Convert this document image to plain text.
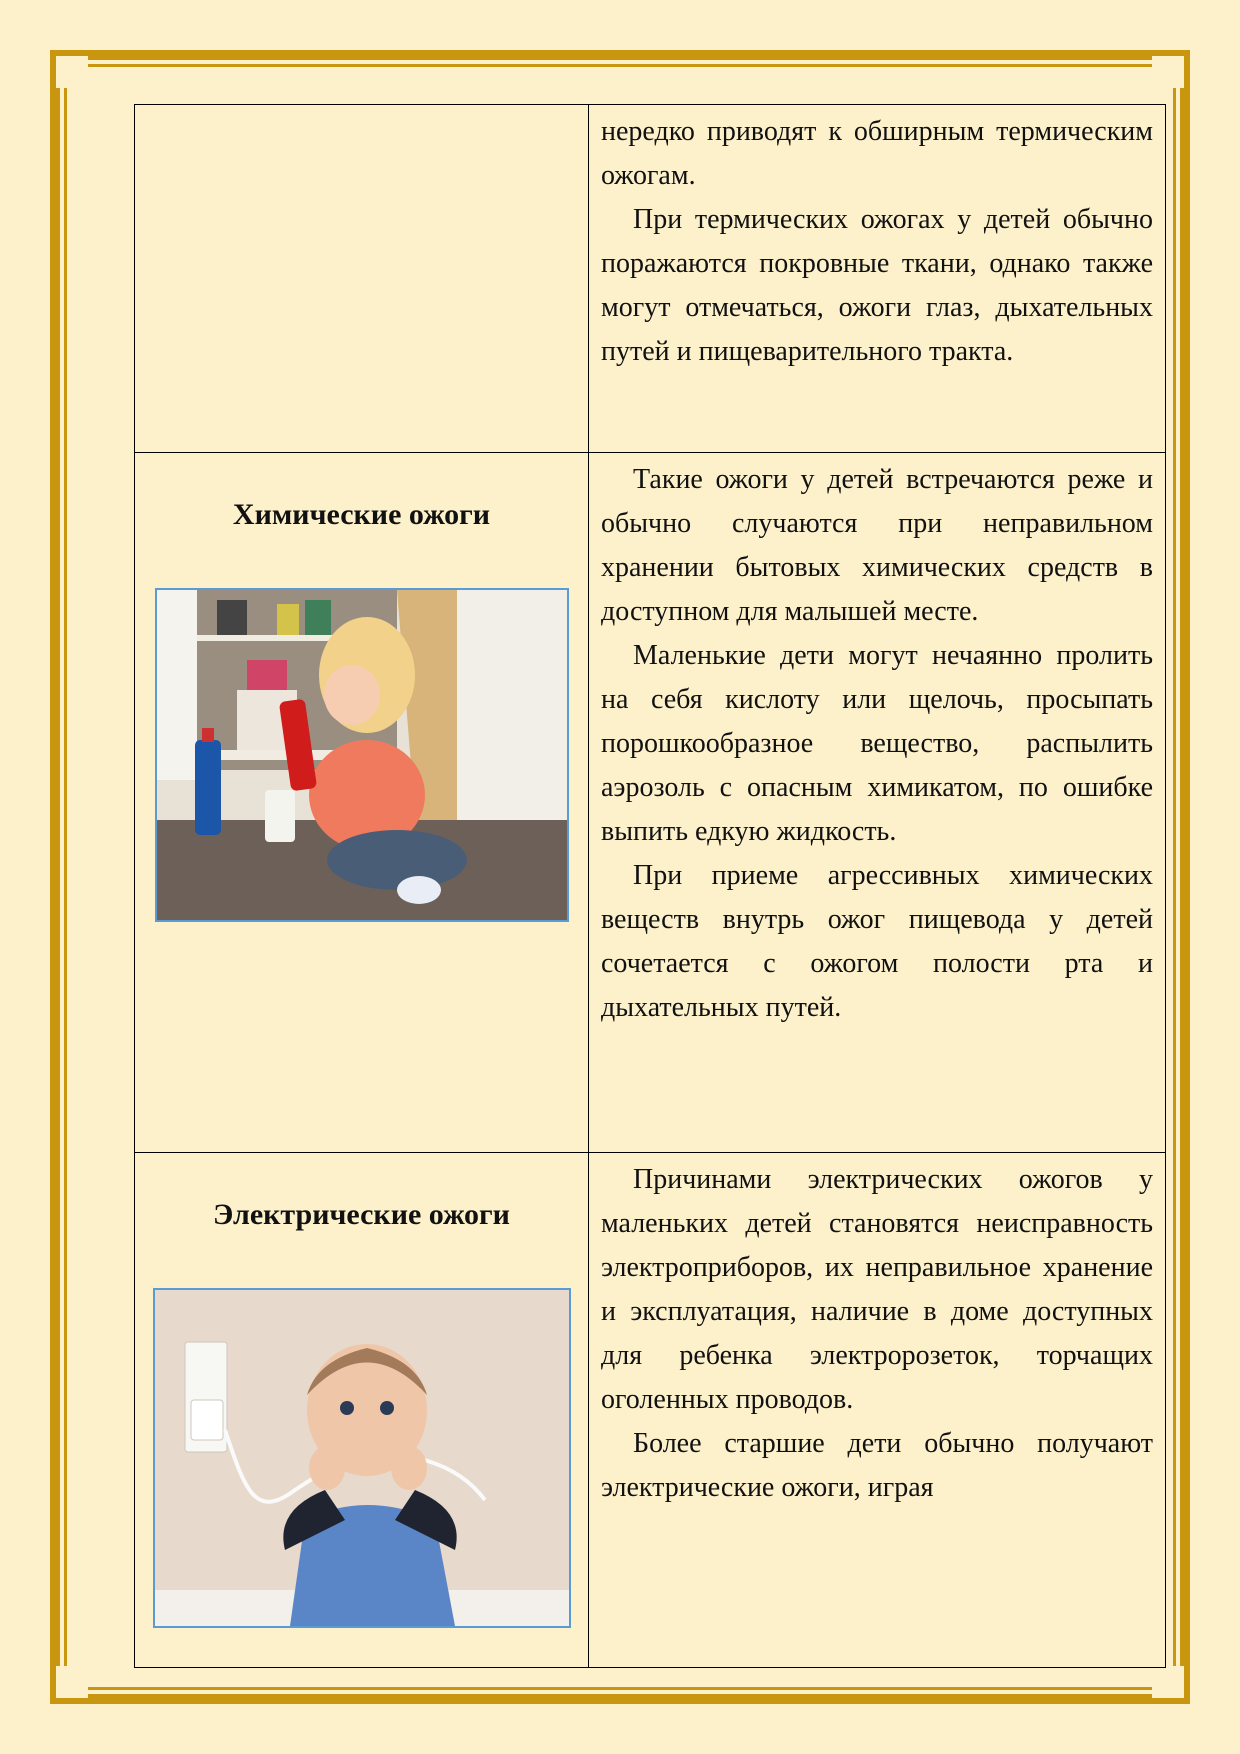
	нередко приводят к обширным термическим ожогам.

При термических ожогах у детей обычно поражаются покровные ткани, однако также могут отмечаться, ожоги глаз, дыхательных путей и пищеварительного тракта.

Химические ожоги	Такие ожоги у детей встречаются реже и обычно случаются при неправильном хранении бытовых химических средств в доступном для малышей месте.

Маленькие дети могут нечаянно пролить на себя кислоту или щелочь, просыпать порошкообразное вещество, распылить аэрозоль с опасным химикатом, по ошибке выпить едкую жидкость.

При приеме агрессивных химических веществ внутрь ожог пищевода у детей сочетается с ожогом полости рта и дыхательных путей.

Электрические ожоги	Причинами электрических ожогов у маленьких детей становятся неисправность электроприборов, их неправильное хранение и эксплуатация, наличие в доме доступных для ребенка электророзеток, торчащих оголенных проводов.

Более старшие дети обычно получают электрические ожоги, играя
